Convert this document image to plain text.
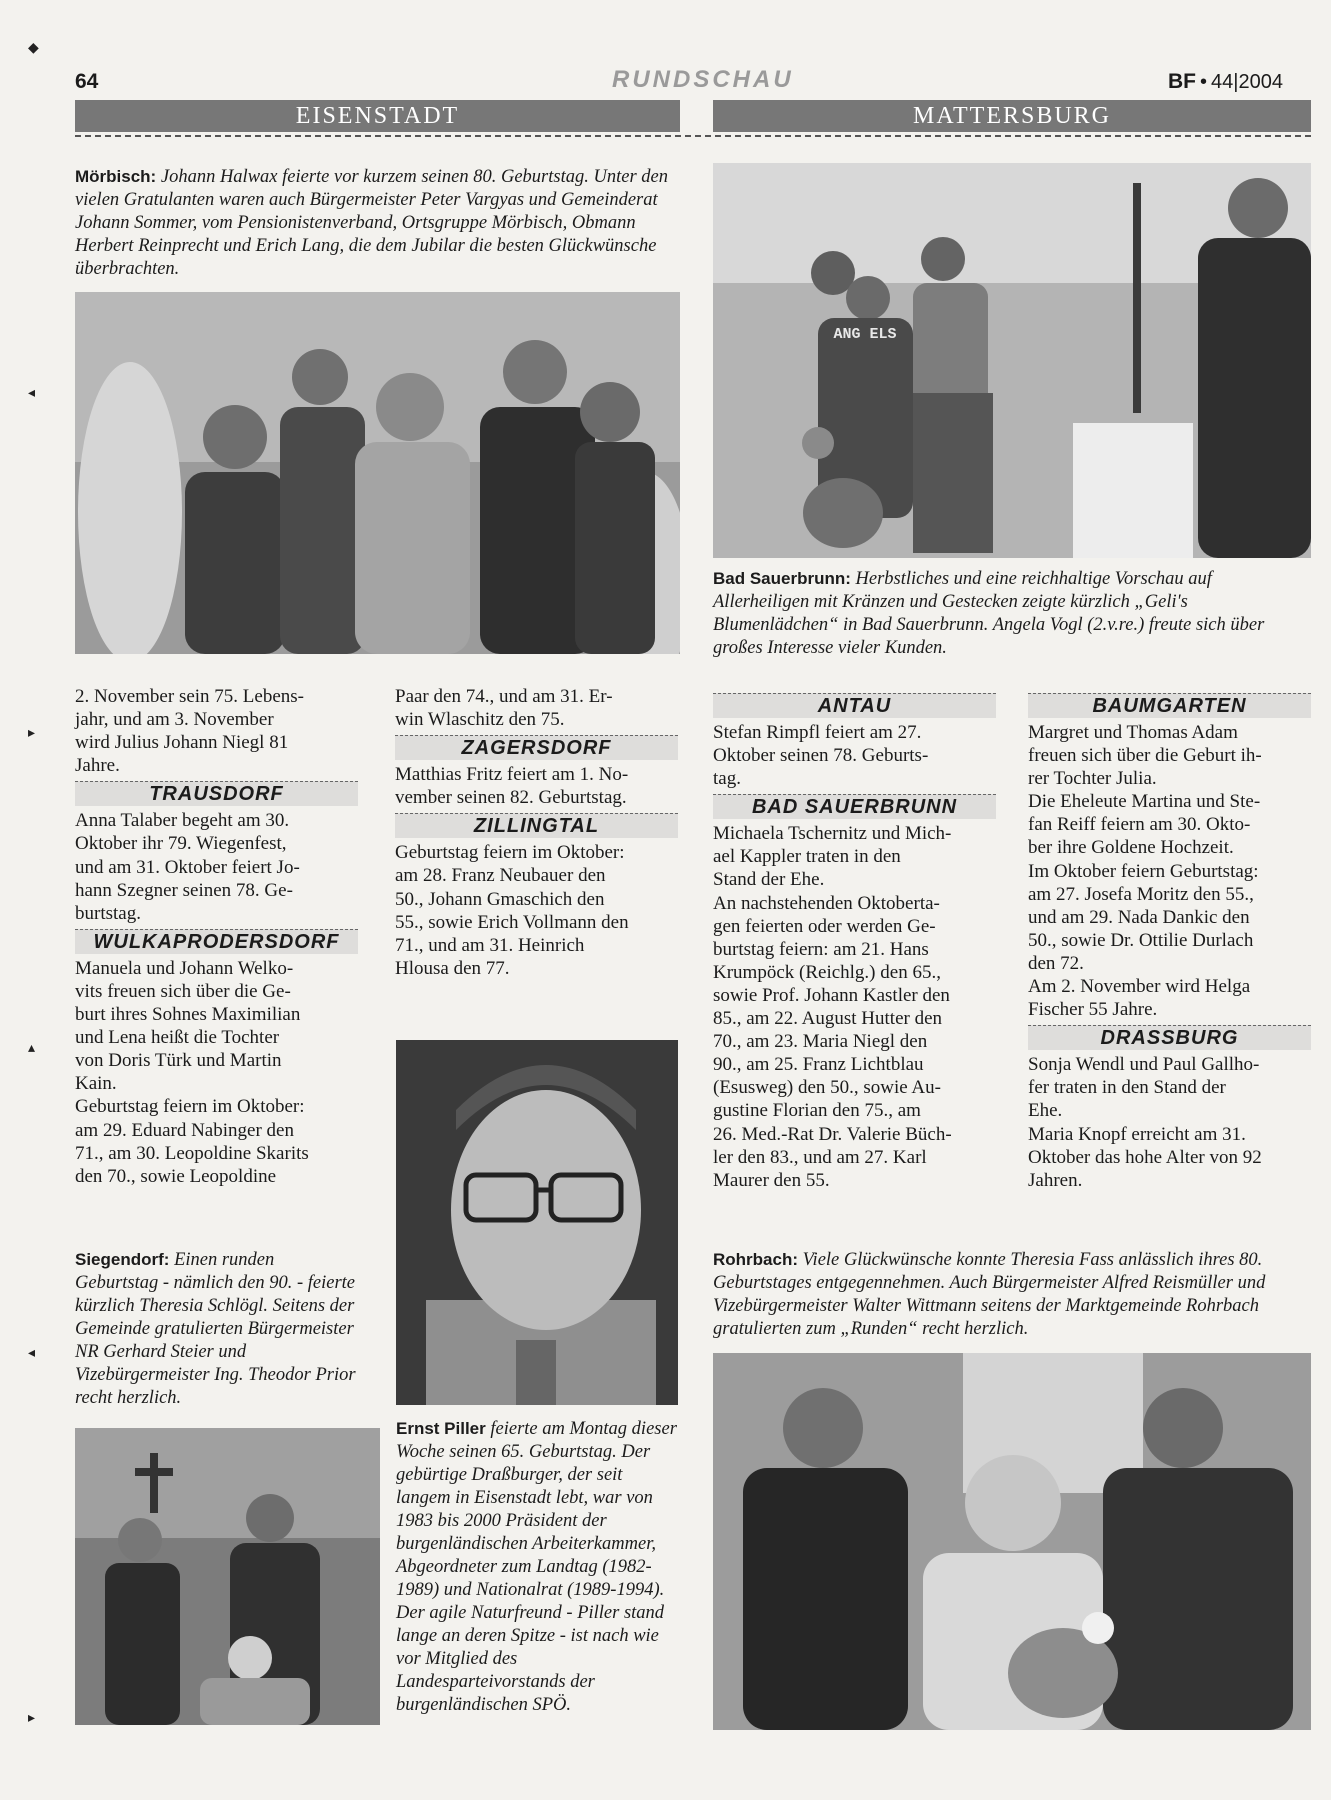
◆
◂
▸
▴
◂
▸
64	RUNDSCHAU	BF • 44|2004
EISENSTADT	MATTERSBURG

Mörbisch: Johann Halwax feierte vor kurzem seinen 80. Geburtstag. Unter den vielen Gratulanten waren auch Bürgermeister Peter Vargyas und Gemeinderat Johann Sommer, vom Pensionistenverband, Ortsgruppe Mörbisch, Obmann Herbert Reinprecht und Erich Lang, die dem Jubilar die besten Glückwünsche überbrachten.

ANG ELS

Bad Sauerbrunn: Herbstliches und eine reichhaltige Vorschau auf Allerheiligen mit Kränzen und Gestecken zeigte kürzlich „Geli's Blumenlädchen“ in Bad Sauerbrunn. Angela Vogl (2.v.re.) freute sich über großes Interesse vieler Kunden.

2. November sein 75. Lebens-
jahr, und am 3. November
wird Julius Johann Niegl 81
Jahre.

TRAUSDORF

Anna Talaber begeht am 30.
Oktober ihr 79. Wiegenfest,
und am 31. Oktober feiert Jo-
hann Szegner seinen 78. Ge-
burtstag.

WULKAPRODERSDORF

Manuela und Johann Welko-
vits freuen sich über die Ge-
burt ihres Sohnes Maximilian
und Lena heißt die Tochter
von Doris Türk und Martin
Kain.
Geburtstag feiern im Oktober:
am 29. Eduard Nabinger den
71., am 30. Leopoldine Skarits
den 70., sowie Leopoldine

Siegendorf: Einen runden Geburtstag - nämlich den 90. - feierte kürzlich Theresia Schlögl. Seitens der Gemeinde gratulierten Bürgermeister NR Gerhard Steier und Vizebürgermeister Ing. Theodor Prior recht herzlich.

Paar den 74., und am 31. Er-
win Wlaschitz den 75.

ZAGERSDORF

Matthias Fritz feiert am 1. No-
vember seinen 82. Geburtstag.

ZILLINGTAL

Geburtstag feiern im Oktober:
am 28. Franz Neubauer den
50., Johann Gmaschich den
55., sowie Erich Vollmann den
71., und am 31. Heinrich
Hlousa den 77.

Ernst Piller feierte am Montag dieser Woche seinen 65. Geburtstag. Der gebürtige Draßburger, der seit langem in Eisenstadt lebt, war von 1983 bis 2000 Präsident der burgenländischen Arbeiterkammer, Abgeordneter zum Landtag (1982-1989) und Nationalrat (1989-1994). Der agile Naturfreund - Piller stand lange an deren Spitze - ist nach wie vor Mitglied des Landesparteivorstands der burgenländischen SPÖ.

ANTAU

Stefan Rimpfl feiert am 27.
Oktober seinen 78. Geburts-
tag.

BAD SAUERBRUNN

Michaela Tschernitz und Mich-
ael Kappler traten in den
Stand der Ehe.
An nachstehenden Oktoberta-
gen feierten oder werden Ge-
burtstag feiern: am 21. Hans
Krumpöck (Reichlg.) den 65.,
sowie Prof. Johann Kastler den
85., am 22. August Hutter den
70., am 23. Maria Niegl den
90., am 25. Franz Lichtblau
(Esusweg) den 50., sowie Au-
gustine Florian den 75., am
26. Med.-Rat Dr. Valerie Büch-
ler den 83., und am 27. Karl
Maurer den 55.

BAUMGARTEN

Margret und Thomas Adam
freuen sich über die Geburt ih-
rer Tochter Julia.
Die Eheleute Martina und Ste-
fan Reiff feiern am 30. Okto-
ber ihre Goldene Hochzeit.
Im Oktober feiern Geburtstag:
am 27. Josefa Moritz den 55.,
und am 29. Nada Dankic den
50., sowie Dr. Ottilie Durlach
den 72.
Am 2. November wird Helga
Fischer 55 Jahre.

DRASSBURG

Sonja Wendl und Paul Gallho-
fer traten in den Stand der
Ehe.
Maria Knopf erreicht am 31.
Oktober das hohe Alter von 92
Jahren.

Rohrbach: Viele Glückwünsche konnte Theresia Fass anlässlich ihres 80. Geburtstages entgegennehmen. Auch Bürgermeister Alfred Reismüller und Vizebürgermeister Walter Wittmann seitens der Marktgemeinde Rohrbach gratulierten zum „Runden“ recht herzlich.
